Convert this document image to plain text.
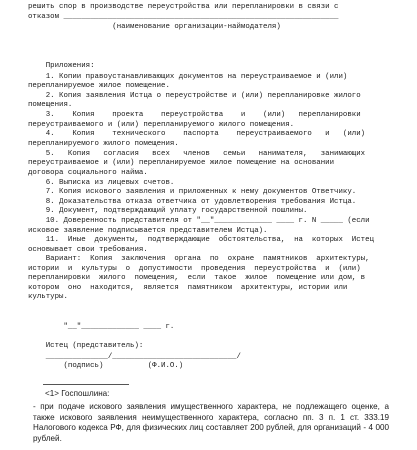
решить спор в производстве переустройства или перепланировки в связи с
отказом ______________________________________________________________
(наименование организации-наймодателя)
Приложения:
1. Копии правоустанавливающих документов на переустраиваемое и (или)
перепланируемое жилое помещение.
2. Копия заявления Истца о переустройстве и (или) перепланировке жилого
помещения.
3.    Копия    проекта    переустройства    и    (или)   перепланировки
переустраиваемого и (или) перепланируемого жилого помещения.
4.    Копия    технического    паспорта    переустраиваемого   и   (или)
перепланируемого жилого помещения.
5.   Копия   согласия   всех   членов   семьи   нанимателя,   занимающих
переустраиваемое и (или) перепланируемое жилое помещение на основании
договора социального найма.
6. Выписка из лицевых счетов.
7. Копия искового заявления и приложенных к нему документов Ответчику.
8. Доказательства отказа ответчика от удовлетворения требования Истца.
9. Документ, подтверждающий уплату государственной пошлины.
10. Доверенность представителя от "__"_____________ ____ г. N _____ (если
исковое заявление подписывается представителем Истца).
11.  Иные  документы,  подтверждающие  обстоятельства,  на  которых  Истец
основывает свои требования.
Вариант:  Копия  заключения  органа  по  охране  памятников  архитектуры,
истории  и  культуры  о  допустимости  проведения  переустройства  и  (или)
перепланировки  жилого  помещения,  если  такое  жилое  помещение или дом, в
котором  оно  находится,  является  памятником  архитектуры, истории или
культуры.
"__"_____________ ____ г.
Истец (представитель):
______________/____________________________/
(подпись)          (Ф.И.О.)
<1> Госпошлина:
- при подаче искового заявления имущественного характера, не подлежащего оценке, а также искового заявления неимущественного характера, согласно пп. 3 п. 1 ст. 333.19 Налогового кодекса РФ, для физических лиц составляет 200 рублей, для организаций - 4 000 рублей.
